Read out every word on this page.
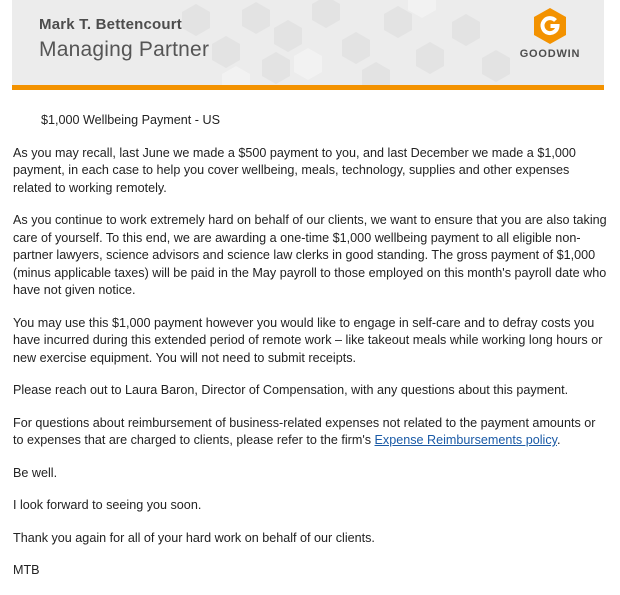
Mark T. Bettencourt
Managing Partner	GOODWIN
$1,000 Wellbeing Payment - US

As you may recall, last June we made a $500 payment to you, and last December we made a $1,000 payment, in each case to help you cover wellbeing, meals, technology, supplies and other expenses related to working remotely.

As you continue to work extremely hard on behalf of our clients, we want to ensure that you are also taking care of yourself. To this end, we are awarding a one-time $1,000 wellbeing payment to all eligible non-partner lawyers, science advisors and science law clerks in good standing. The gross payment of $1,000 (minus applicable taxes) will be paid in the May payroll to those employed on this month's payroll date who have not given notice.

You may use this $1,000 payment however you would like to engage in self-care and to defray costs you have incurred during this extended period of remote work – like takeout meals while working long hours or new exercise equipment. You will not need to submit receipts.

Please reach out to Laura Baron, Director of Compensation, with any questions about this payment.

For questions about reimbursement of business-related expenses not related to the payment amounts or to expenses that are charged to clients, please refer to the firm's Expense Reimbursements policy.

Be well.

I look forward to seeing you soon.

Thank you again for all of your hard work on behalf of our clients.

MTB
